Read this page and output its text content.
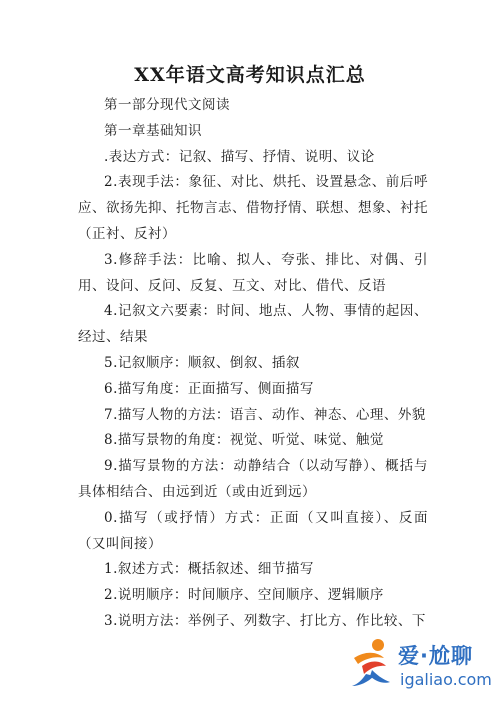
XX年语文高考知识点汇总

第一部分现代文阅读

第一章基础知识

.表达方式：记叙、描写、抒情、说明、议论

2.表现手法：象征、对比、烘托、设置悬念、前后呼应、欲扬先抑、托物言志、借物抒情、联想、想象、衬托（正衬、反衬）

3.修辞手法：比喻、拟人、夸张、排比、对偶、引用、设问、反问、反复、互文、对比、借代、反语

4.记叙文六要素：时间、地点、人物、事情的起因、经过、结果

5.记叙顺序：顺叙、倒叙、插叙

6.描写角度：正面描写、侧面描写

7.描写人物的方法：语言、动作、神态、心理、外貌

8.描写景物的角度：视觉、听觉、味觉、触觉

9.描写景物的方法：动静结合（以动写静）、概括与具体相结合、由远到近（或由近到远）

0.描写（或抒情）方式：正面（又叫直接）、反面（又叫间接）

1.叙述方式：概括叙述、细节描写

2.说明顺序：时间顺序、空间顺序、逻辑顺序

3.说明方法：举例子、列数字、打比方、作比较、下

爱·尬聊
igaliao.com
